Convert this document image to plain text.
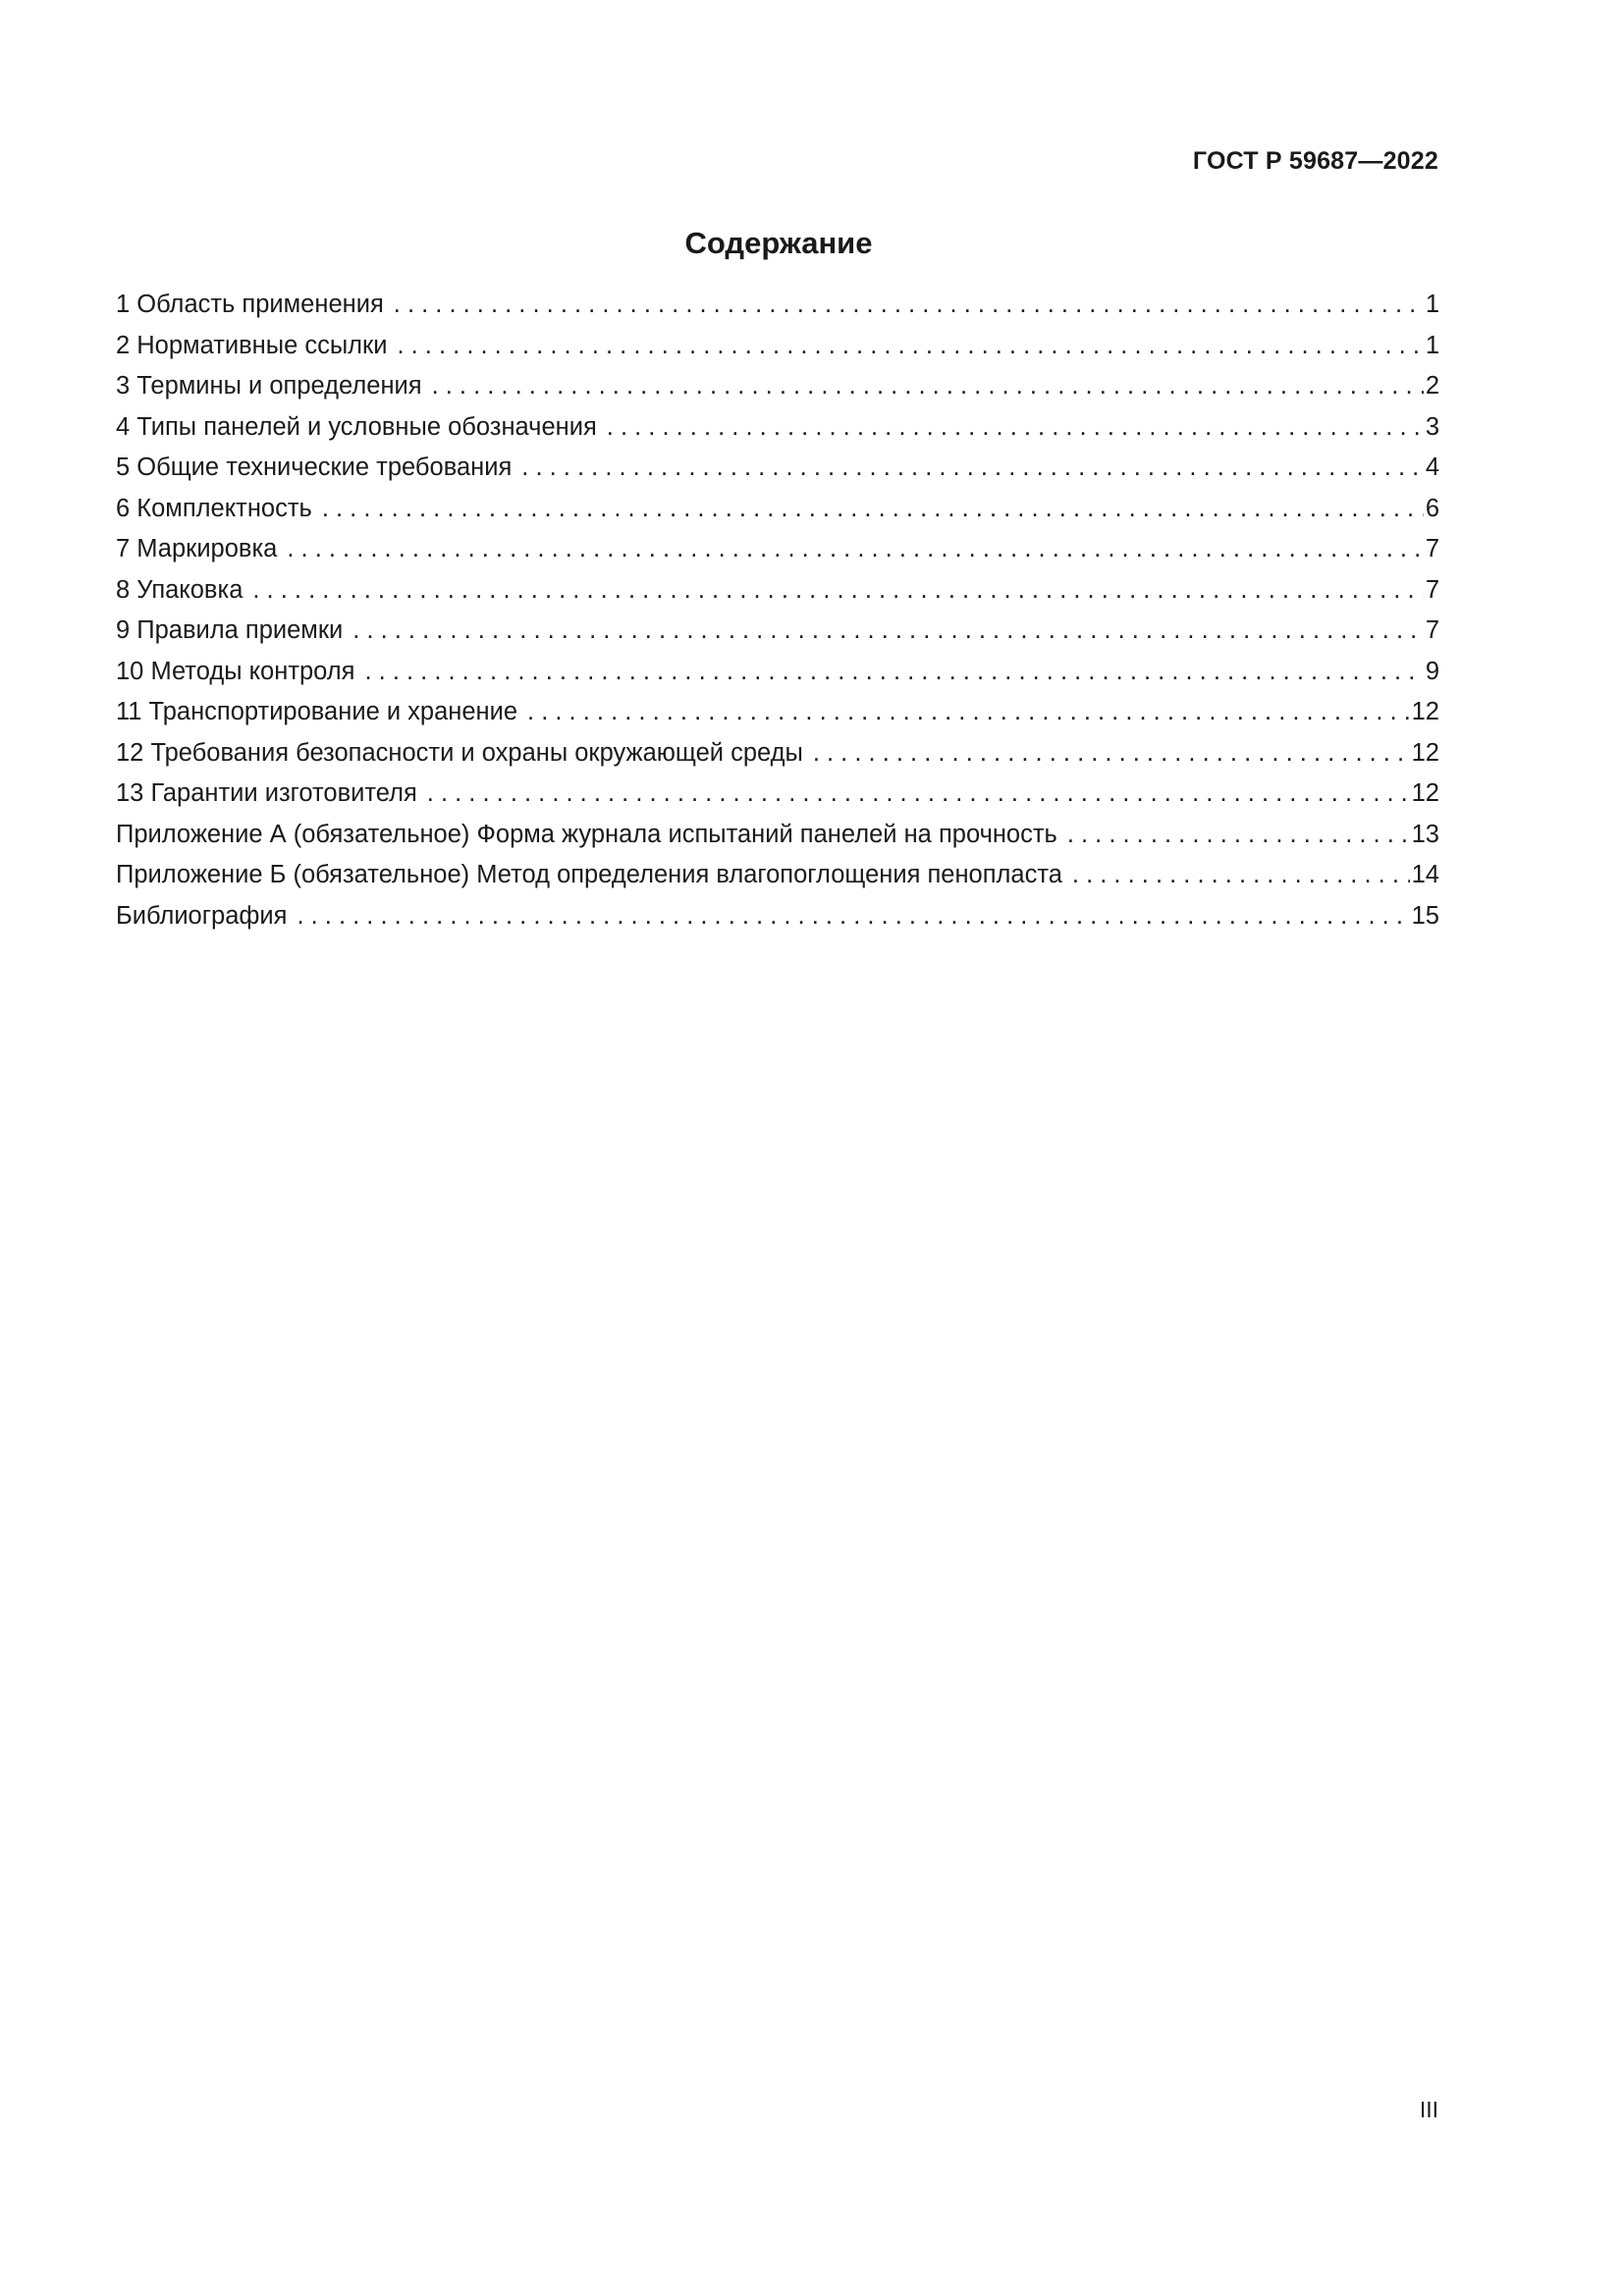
ГОСТ Р 59687—2022
Содержание
1 Область применения . . .	1
2 Нормативные ссылки . . .	1
3 Термины и определения . . .	2
4 Типы панелей и условные обозначения . . .	3
5 Общие технические требования . . .	4
6 Комплектность . . .	6
7 Маркировка . . .	7
8 Упаковка . . .	7
9 Правила приемки . . .	7
10 Методы контроля . . .	9
11 Транспортирование и хранение . . .	12
12 Требования безопасности и охраны окружающей среды . . .	12
13 Гарантии изготовителя . . .	12
Приложение А (обязательное) Форма журнала испытаний панелей на прочность . . .	13
Приложение Б (обязательное) Метод определения влагопоглощения пенопласта . . .	14
Библиография . . .	15
III
